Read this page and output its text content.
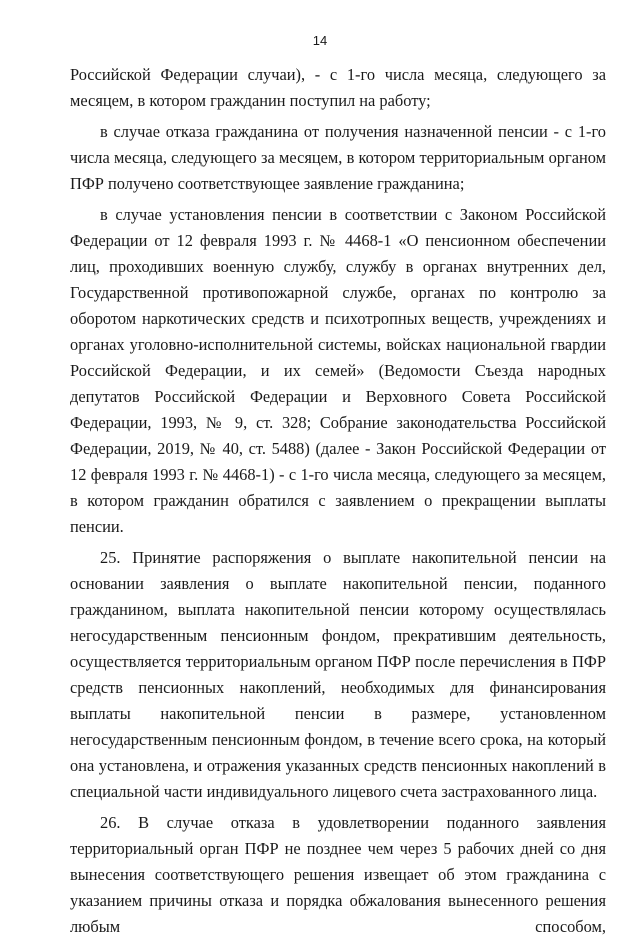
14

Российской Федерации случаи), - с 1-го числа месяца, следующего за месяцем, в котором гражданин поступил на работу;

в случае отказа гражданина от получения назначенной пенсии - с 1-го числа месяца, следующего за месяцем, в котором территориальным органом ПФР получено соответствующее заявление гражданина;

в случае установления пенсии в соответствии с Законом Российской Федерации от 12 февраля 1993 г. № 4468-1 «О пенсионном обеспечении лиц, проходивших военную службу, службу в органах внутренних дел, Государственной противопожарной службе, органах по контролю за оборотом наркотических средств и психотропных веществ, учреждениях и органах уголовно-исполнительной системы, войсках национальной гвардии Российской Федерации, и их семей» (Ведомости Съезда народных депутатов Российской Федерации и Верховного Совета Российской Федерации, 1993, № 9, ст. 328; Собрание законодательства Российской Федерации, 2019, № 40, ст. 5488) (далее - Закон Российской Федерации от 12 февраля 1993 г. № 4468-1) - с 1-го числа месяца, следующего за месяцем, в котором гражданин обратился с заявлением о прекращении выплаты пенсии.

25. Принятие распоряжения о выплате накопительной пенсии на основании заявления о выплате накопительной пенсии, поданного гражданином, выплата накопительной пенсии которому осуществлялась негосударственным пенсионным фондом, прекратившим деятельность, осуществляется территориальным органом ПФР после перечисления в ПФР средств пенсионных накоплений, необходимых для финансирования выплаты накопительной пенсии в размере, установленном негосударственным пенсионным фондом, в течение всего срока, на который она установлена, и отражения указанных средств пенсионных накоплений в специальной части индивидуального лицевого счета застрахованного лица.

26. В случае отказа в удовлетворении поданного заявления территориальный орган ПФР не позднее чем через 5 рабочих дней со дня вынесения соответствующего решения извещает об этом гражданина с указанием причины отказа и порядка обжалования вынесенного решения любым способом,
